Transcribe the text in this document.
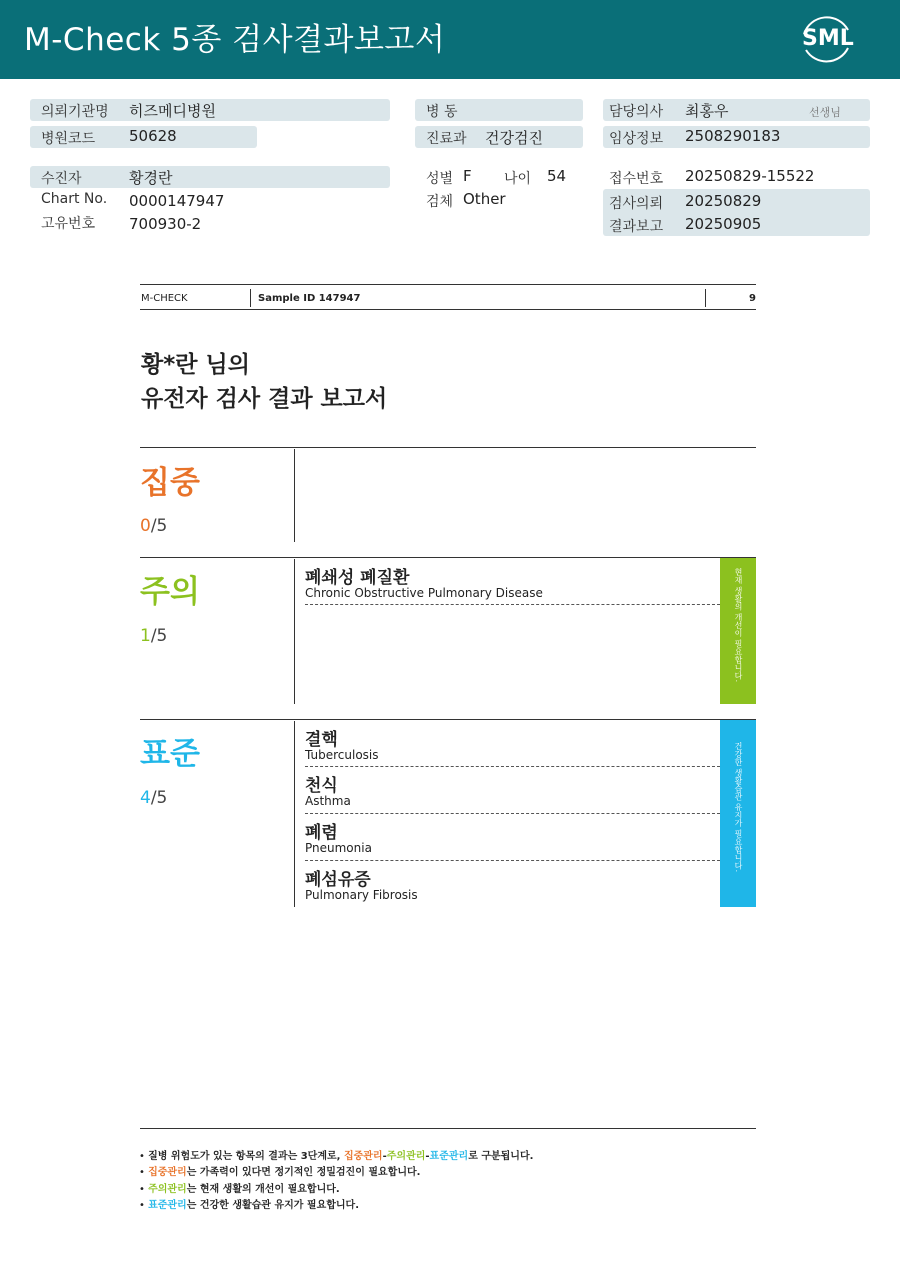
M-Check 5종 검사결과보고서	SML
의뢰기관명 히즈메디병원
병원코드 50628
수진자	황경란
Chart No. 0000147947
고유번호 700930-2
병 동
진료과 건강검진
성별 F 나이 54
검체 Other
담당의사 최홍우	선생님
임상정보 2508290183
접수번호 20250829-15522
검사의뢰 20250829
결과보고 20250905
M-CHECK	Sample ID 147947	9
황*란 님의
유전자 검사 결과 보고서
집중
0/5
주의
1/5
폐쇄성 폐질환
Chronic Obstructive Pulmonary Disease	현재 생활의 개선이 필요합니다.
표준
4/5
결핵
Tuberculosis
천식
Asthma
폐렴
Pneumonia
폐섬유증
Pulmonary Fibrosis
건강한 생활습관 유지가 필요합니다.
• 질병 위험도가 있는 항목의 결과는 3단계로, 집중관리-주의관리-표준관리로 구분됩니다.
• 집중관리는 가족력이 있다면 정기적인 정밀검진이 필요합니다.
• 주의관리는 현재 생활의 개선이 필요합니다.
• 표준관리는 건강한 생활습관 유지가 필요합니다.
